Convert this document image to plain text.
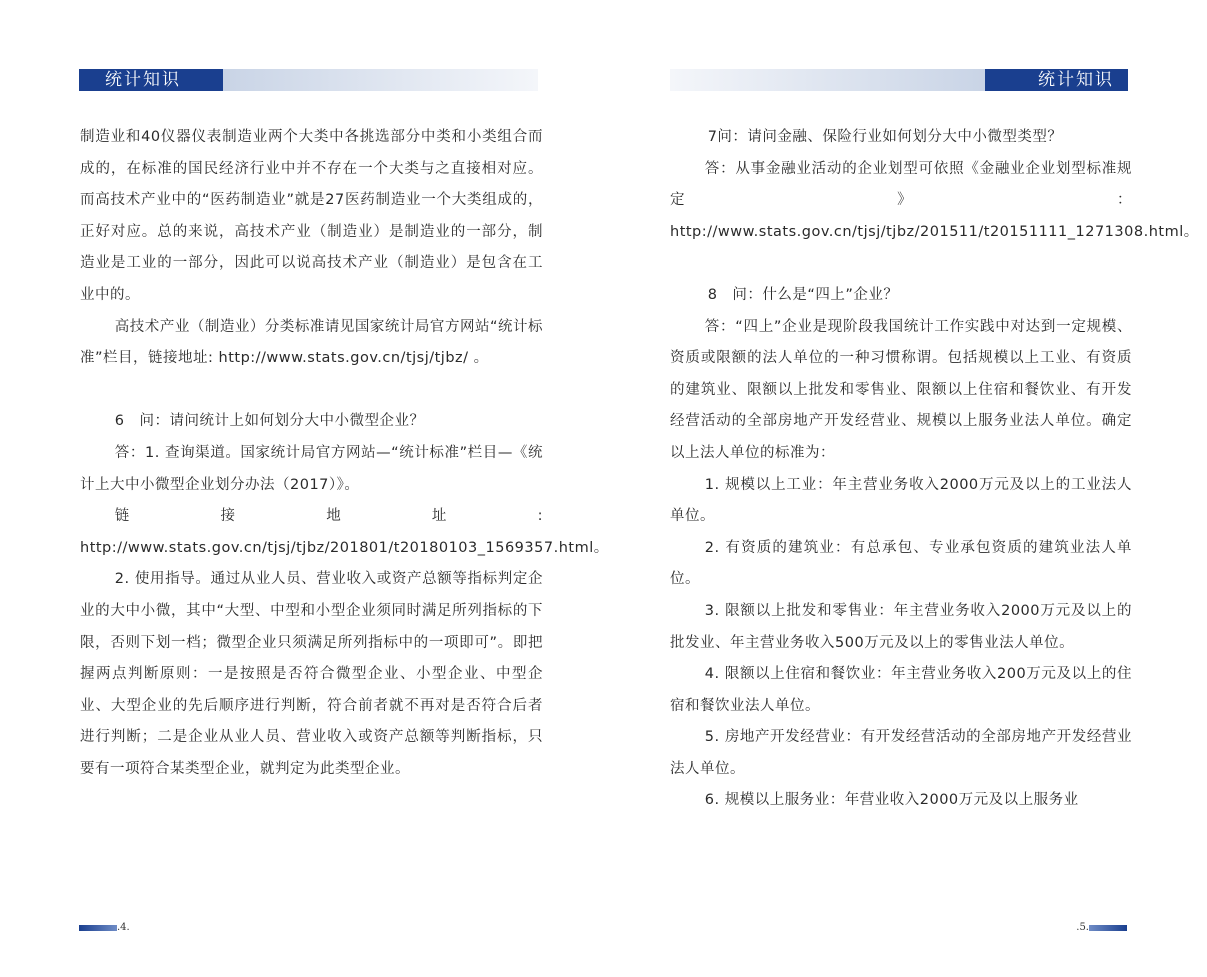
统计知识

制造业和40仪器仪表制造业两个大类中各挑选部分中类和小类组合而成的，在标准的国民经济行业中并不存在一个大类与之直接相对应。而高技术产业中的“医药制造业”就是27医药制造业一个大类组成的，正好对应。总的来说，高技术产业（制造业）是制造业的一部分，制造业是工业的一部分，因此可以说高技术产业（制造业）是包含在工业中的。

高技术产业（制造业）分类标准请见国家统计局官方网站“统计标准”栏目，链接地址: http://www.stats.gov.cn/tjsj/tjbz/ 。

6　问：请问统计上如何划分大中小微型企业？

答：1. 查询渠道。国家统计局官方网站—“统计标准”栏目—《统计上大中小微型企业划分办法（2017）》。

链接地址:　http://www.stats.gov.cn/tjsj/tjbz/201801/t20180103_1569357.html。

2. 使用指导。通过从业人员、营业收入或资产总额等指标判定企业的大中小微，其中“大型、中型和小型企业须同时满足所列指标的下限，否则下划一档；微型企业只须满足所列指标中的一项即可”。即把握两点判断原则：一是按照是否符合微型企业、小型企业、中型企业、大型企业的先后顺序进行判断，符合前者就不再对是否符合后者进行判断；二是企业从业人员、营业收入或资产总额等判断指标，只要有一项符合某类型企业，就判定为此类型企业。

.4.
统计知识

7问：请问金融、保险行业如何划分大中小微型类型？

答：从事金融业活动的企业划型可依照《金融业企业划型标准规定》：http://www.stats.gov.cn/tjsj/tjbz/201511/t20151111_1271308.html。

8　问：什么是“四上”企业？

答：“四上”企业是现阶段我国统计工作实践中对达到一定规模、资质或限额的法人单位的一种习惯称谓。包括规模以上工业、有资质的建筑业、限额以上批发和零售业、限额以上住宿和餐饮业、有开发经营活动的全部房地产开发经营业、规模以上服务业法人单位。确定以上法人单位的标准为：

1. 规模以上工业：年主营业务收入2000万元及以上的工业法人单位。

2. 有资质的建筑业：有总承包、专业承包资质的建筑业法人单位。

3. 限额以上批发和零售业：年主营业务收入2000万元及以上的批发业、年主营业务收入500万元及以上的零售业法人单位。

4. 限额以上住宿和餐饮业：年主营业务收入200万元及以上的住宿和餐饮业法人单位。

5. 房地产开发经营业：有开发经营活动的全部房地产开发经营业法人单位。

6. 规模以上服务业：年营业收入2000万元及以上服务业

.5.
